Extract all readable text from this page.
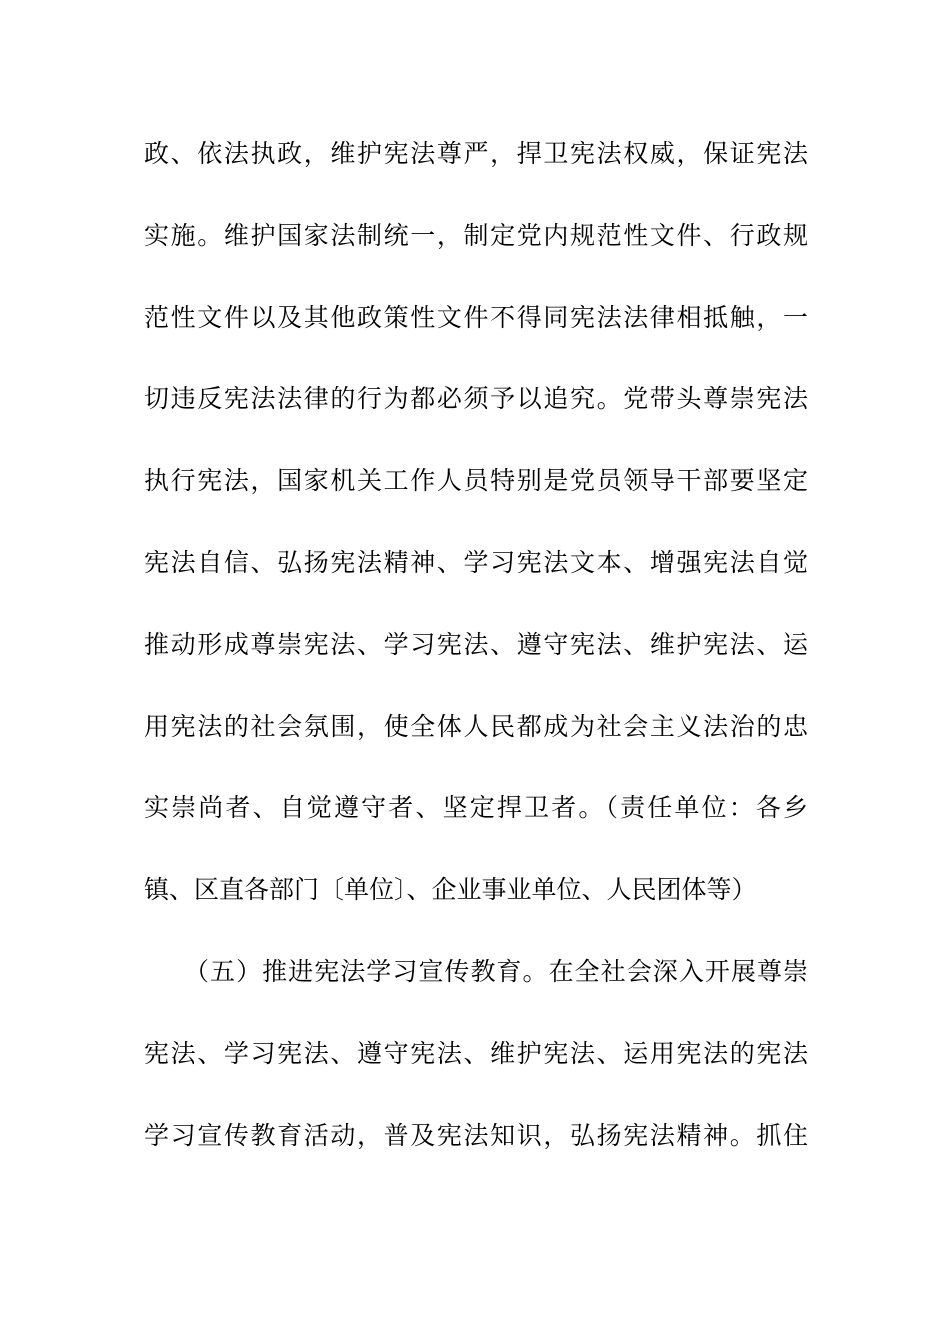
政、依法执政，维护宪法尊严，捍卫宪法权威，保证宪法
实施。维护国家法制统一，制定党内规范性文件、行政规
范性文件以及其他政策性文件不得同宪法法律相抵触，一
切违反宪法法律的行为都必须予以追究。党带头尊崇宪法
执行宪法，国家机关工作人员特别是党员领导干部要坚定
宪法自信、弘扬宪法精神、学习宪法文本、增强宪法自觉
推动形成尊崇宪法、学习宪法、遵守宪法、维护宪法、运
用宪法的社会氛围，使全体人民都成为社会主义法治的忠
实崇尚者、自觉遵守者、坚定捍卫者。（责任单位：各乡
镇、区直各部门〔单位〕、企业事业单位、人民团体等）
（五）推进宪法学习宣传教育。在全社会深入开展尊崇
宪法、学习宪法、遵守宪法、维护宪法、运用宪法的宪法
学习宣传教育活动，普及宪法知识，弘扬宪法精神。抓住
